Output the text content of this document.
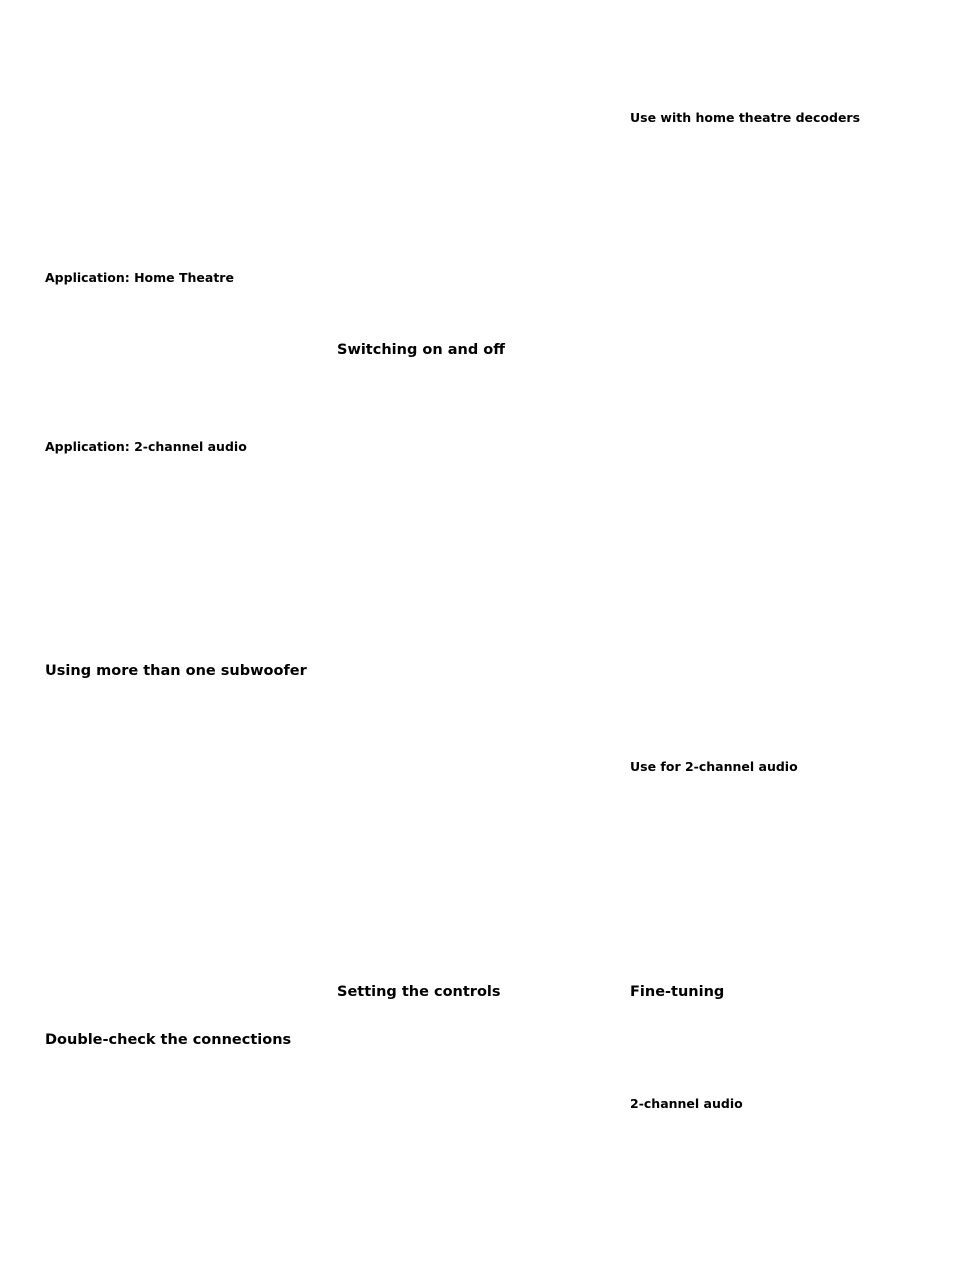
Use with home theatre decoders
Application: Home Theatre
Switching on and off
Application: 2-channel audio
Using more than one subwoofer
Use for 2-channel audio
Setting the controls	Fine-tuning
Double-check the connections
2-channel audio
